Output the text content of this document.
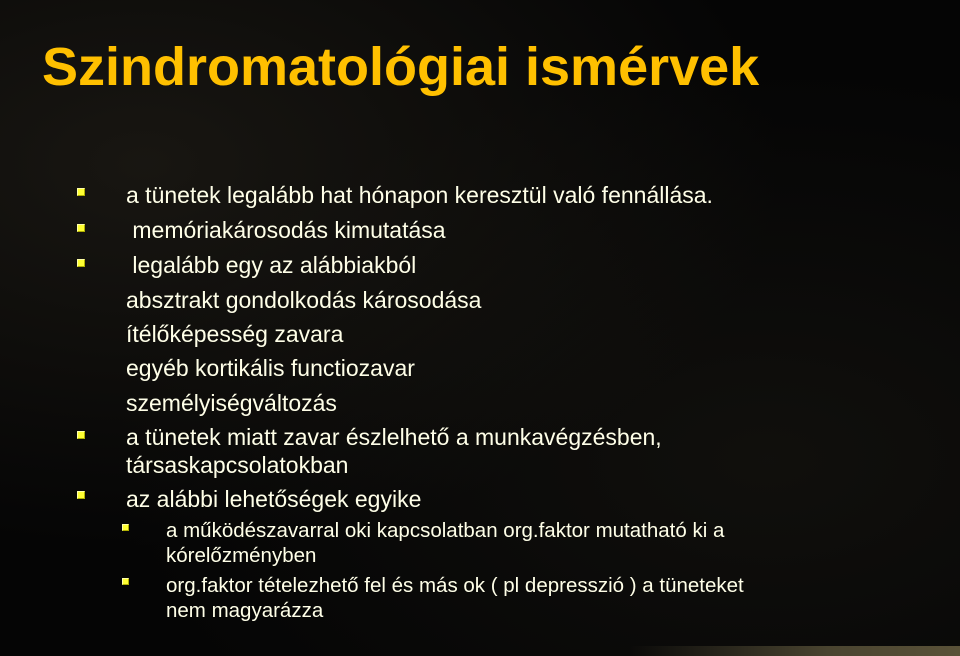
Szindromatológiai ismérvek
a tünetek legalább hat hónapon keresztül való fennállása.
memóriakárosodás kimutatása
legalább egy az alábbiakból
absztrakt gondolkodás károsodása
ítélőképesség zavara
egyéb kortikális functiozavar
személyiségváltozás
a tünetek miatt zavar észlelhető a munkavégzésben,
társaskapcsolatokban
az alábbi lehetőségek egyike
a működészavarral oki kapcsolatban org.faktor mutatható ki a
kórelőzményben
org.faktor tételezhető fel és más ok ( pl depresszió ) a tüneteket
nem magyarázza
